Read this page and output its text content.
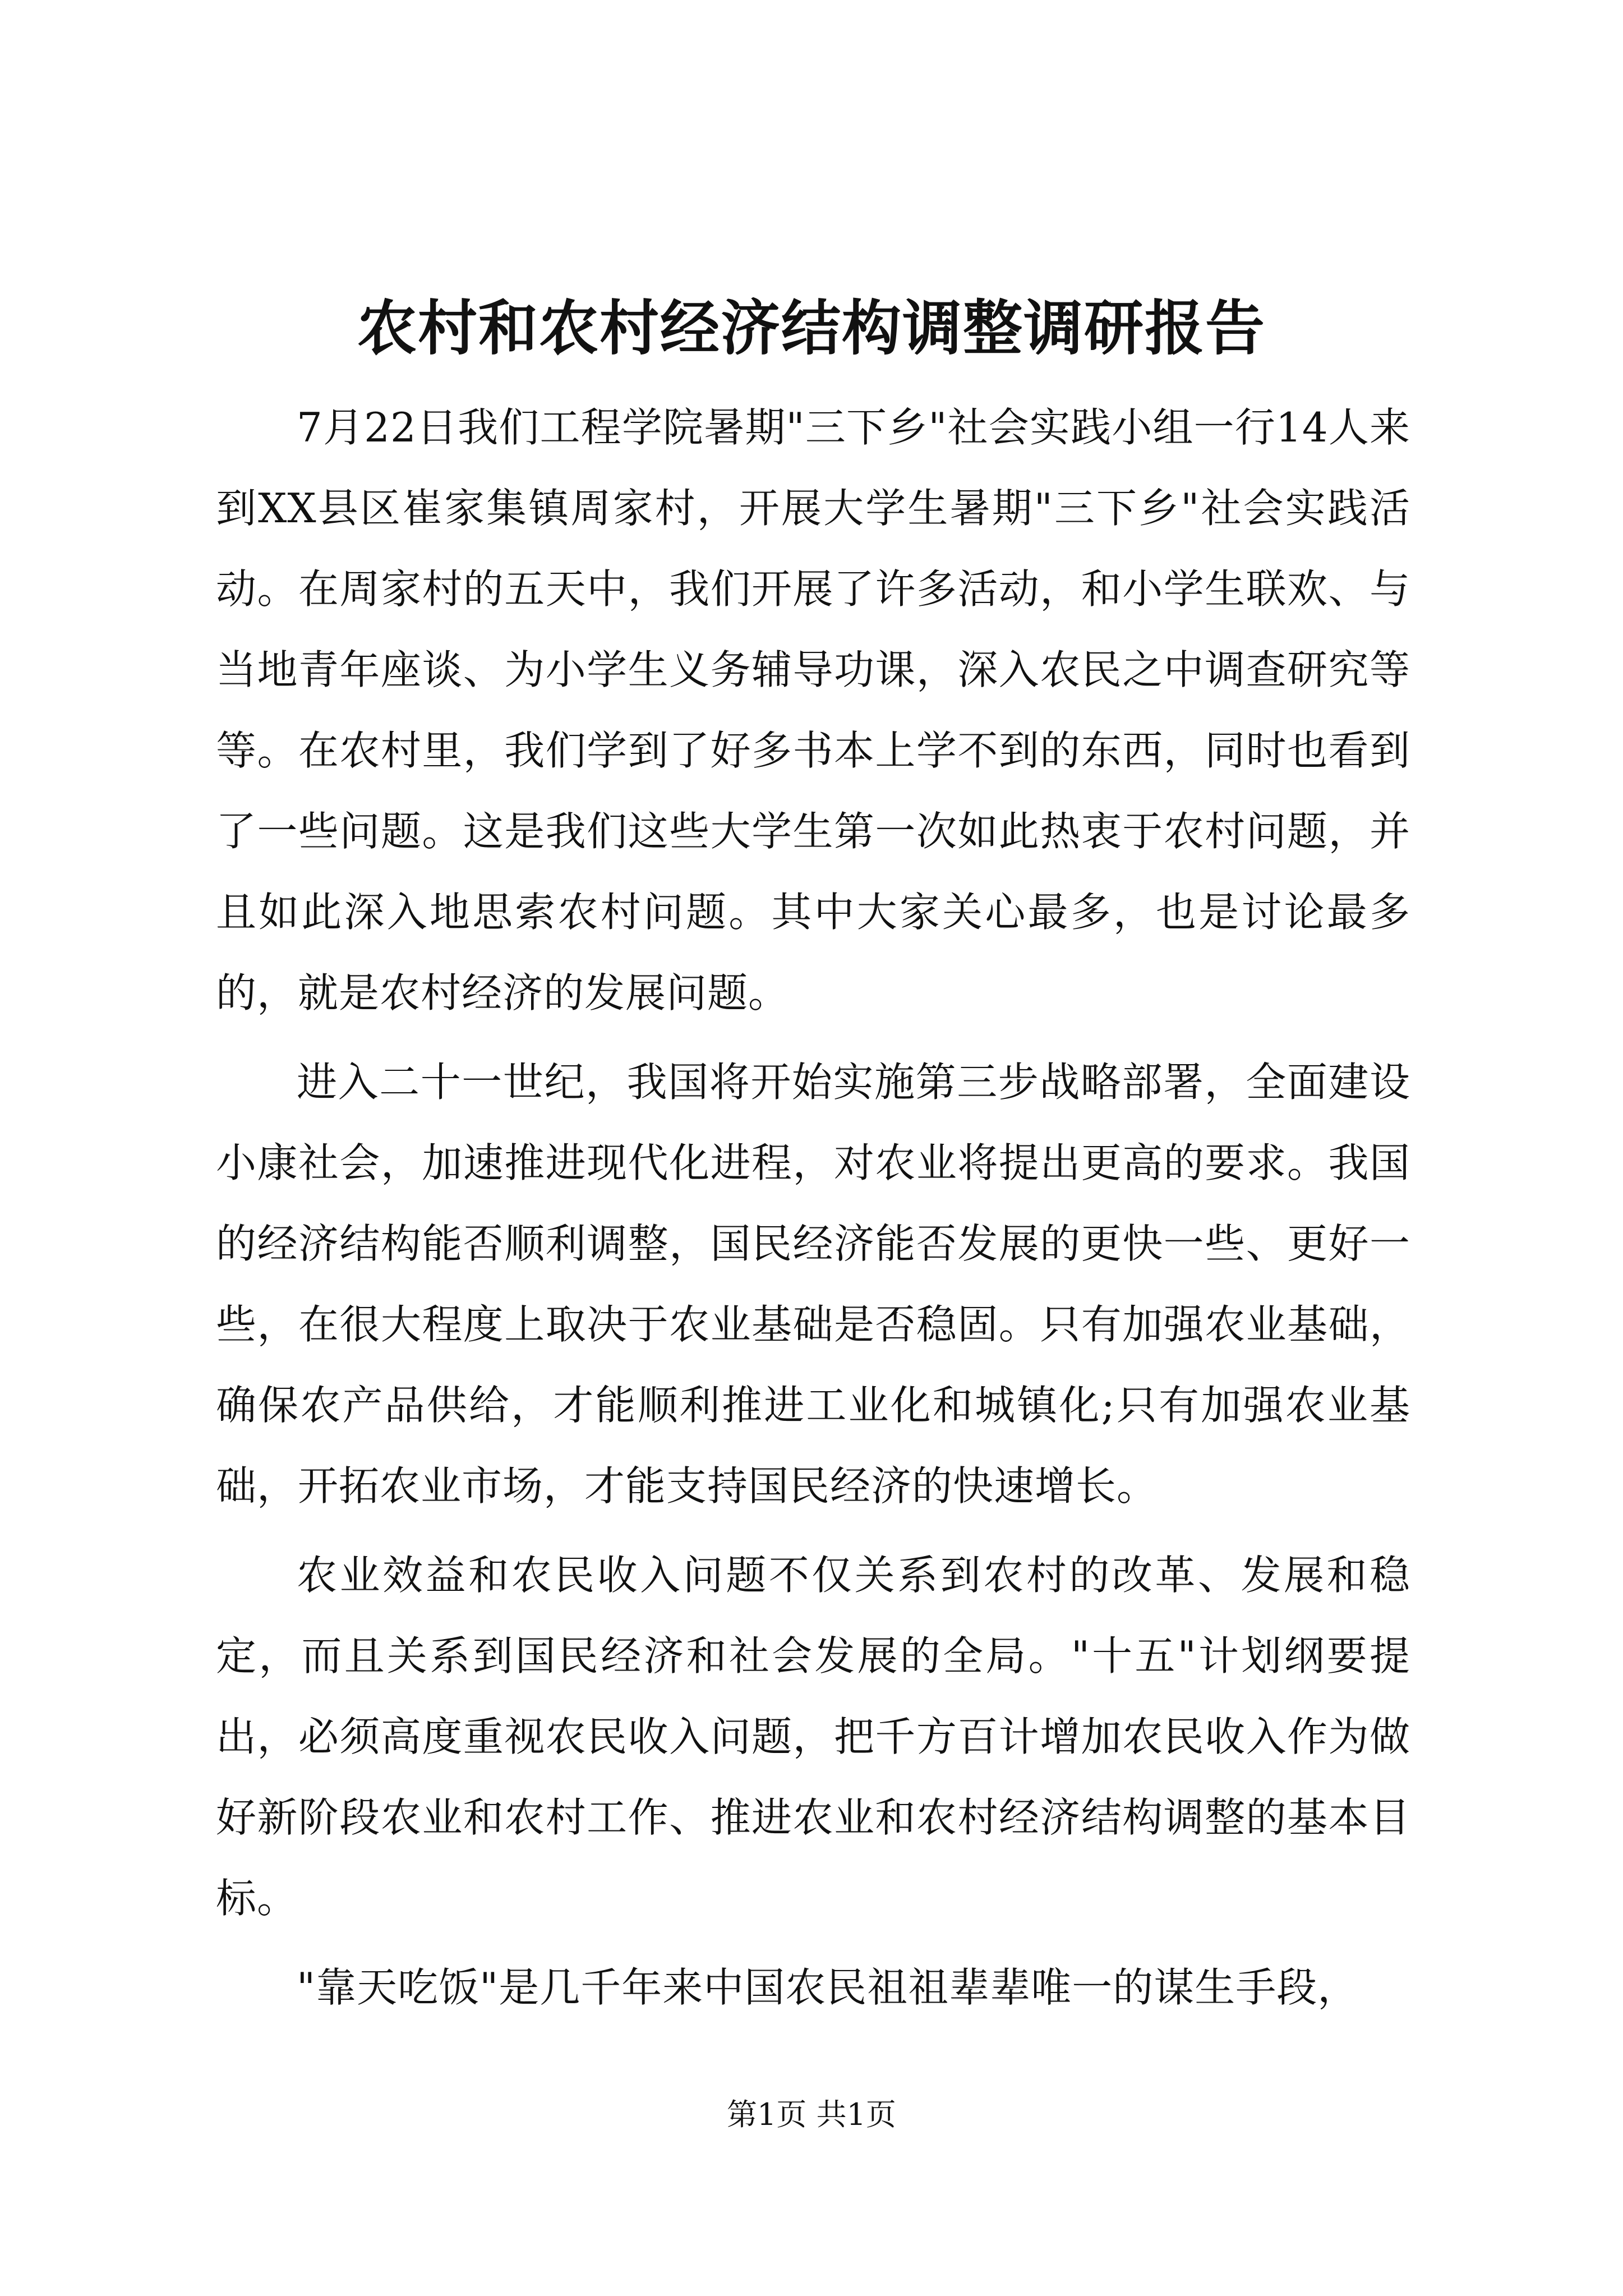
农村和农村经济结构调整调研报告

7月22日我们工程学院暑期"三下乡"社会实践小组一行14人来到XX县区崔家集镇周家村，开展大学生暑期"三下乡"社会实践活动。在周家村的五天中，我们开展了许多活动，和小学生联欢、与当地青年座谈、为小学生义务辅导功课，深入农民之中调查研究等等。在农村里，我们学到了好多书本上学不到的东西，同时也看到了一些问题。这是我们这些大学生第一次如此热衷于农村问题，并且如此深入地思索农村问题。其中大家关心最多，也是讨论最多的，就是农村经济的发展问题。

进入二十一世纪，我国将开始实施第三步战略部署，全面建设小康社会，加速推进现代化进程，对农业将提出更高的要求。我国的经济结构能否顺利调整，国民经济能否发展的更快一些、更好一些，在很大程度上取决于农业基础是否稳固。只有加强农业基础，确保农产品供给，才能顺利推进工业化和城镇化;只有加强农业基础，开拓农业市场，才能支持国民经济的快速增长。

农业效益和农民收入问题不仅关系到农村的改革、发展和稳定，而且关系到国民经济和社会发展的全局。"十五"计划纲要提出，必须高度重视农民收入问题，把千方百计增加农民收入作为做好新阶段农业和农村工作、推进农业和农村经济结构调整的基本目标。

"靠天吃饭"是几千年来中国农民祖祖辈辈唯一的谋生手段，

第1页 共1页
